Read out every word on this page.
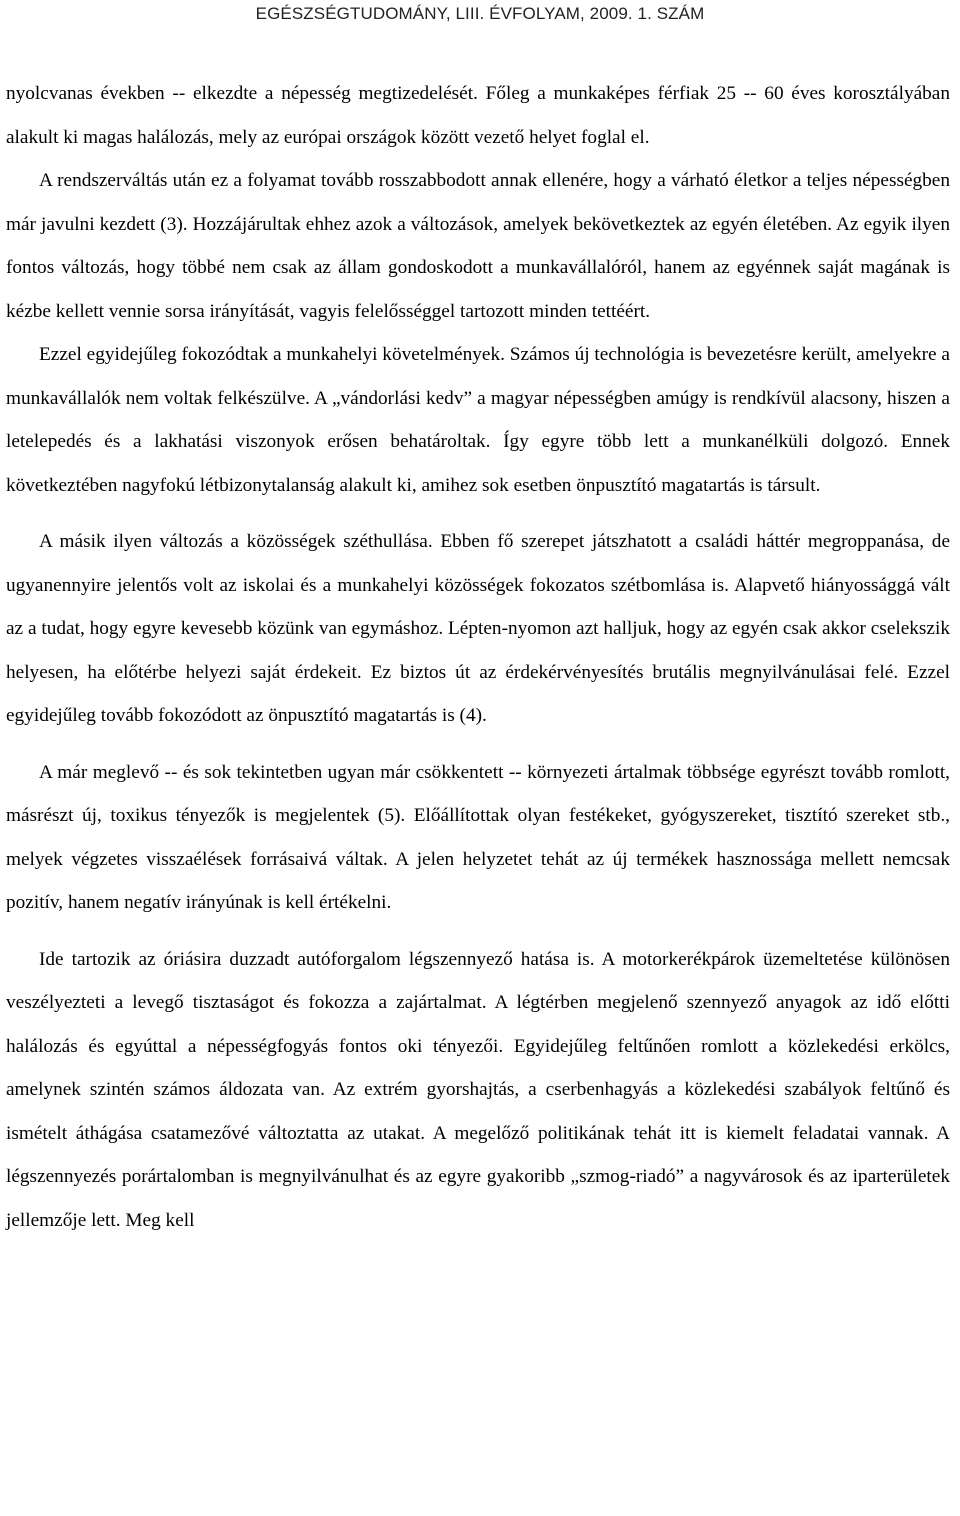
EGÉSZSÉGTUDOMÁNY, LIII. ÉVFOLYAM, 2009. 1. SZÁM

nyolcvanas években -- elkezdte a népesség megtizedelését. Főleg a munkaképes férfiak 25 -- 60 éves korosztályában alakult ki magas halálozás, mely az európai országok között vezető helyet foglal el.

A rendszerváltás után ez a folyamat tovább rosszabbodott annak ellenére, hogy a várható életkor a teljes népességben már javulni kezdett (3). Hozzájárultak ehhez azok a változások, amelyek bekövetkeztek az egyén életében. Az egyik ilyen fontos változás, hogy többé nem csak az állam gondoskodott a munkavállalóról, hanem az egyénnek saját magának is kézbe kellett vennie sorsa irányítását, vagyis felelősséggel tartozott minden tettéért.

Ezzel egyidejűleg fokozódtak a munkahelyi követelmények. Számos új technológia is bevezetésre került, amelyekre a munkavállalók nem voltak felkészülve. A „vándorlási kedv” a magyar népességben amúgy is rendkívül alacsony, hiszen a letelepedés és a lakhatási viszonyok erősen behatároltak. Így egyre több lett a munkanélküli dolgozó. Ennek következtében nagyfokú létbizonytalanság alakult ki, amihez sok esetben önpusztító magatartás is társult.

A másik ilyen változás a közösségek széthullása. Ebben fő szerepet játszhatott a családi háttér megroppanása, de ugyanennyire jelentős volt az iskolai és a munkahelyi közösségek fokozatos szétbomlása is. Alapvető hiányossággá vált az a tudat, hogy egyre kevesebb közünk van egymáshoz. Lépten-nyomon azt halljuk, hogy az egyén csak akkor cselekszik helyesen, ha előtérbe helyezi saját érdekeit. Ez biztos út az érdekérvényesítés brutális megnyilvánulásai felé. Ezzel egyidejűleg tovább fokozódott az önpusztító magatartás is (4).

A már meglevő -- és sok tekintetben ugyan már csökkentett -- környezeti ártalmak többsége egyrészt tovább romlott, másrészt új, toxikus tényezők is megjelentek (5). Előállítottak olyan festékeket, gyógyszereket, tisztító szereket stb., melyek végzetes visszaélések forrásaivá váltak. A jelen helyzetet tehát az új termékek hasznossága mellett nemcsak pozitív, hanem negatív irányúnak is kell értékelni.

Ide tartozik az óriásira duzzadt autóforgalom légszennyező hatása is. A motorkerékpárok üzemeltetése különösen veszélyezteti a levegő tisztaságot és fokozza a zajártalmat. A légtérben megjelenő szennyező anyagok az idő előtti halálozás és egyúttal a népességfogyás fontos oki tényezői. Egyidejűleg feltűnően romlott a közlekedési erkölcs, amelynek szintén számos áldozata van. Az extrém gyorshajtás, a cserbenhagyás a közlekedési szabályok feltűnő és ismételt áthágása csatamezővé változtatta az utakat. A megelőző politikának tehát itt is kiemelt feladatai vannak. A légszennyezés porártalomban is megnyilvánulhat és az egyre gyakoribb „szmog-riadó” a nagyvárosok és az iparterületek jellemzője lett. Meg kell
